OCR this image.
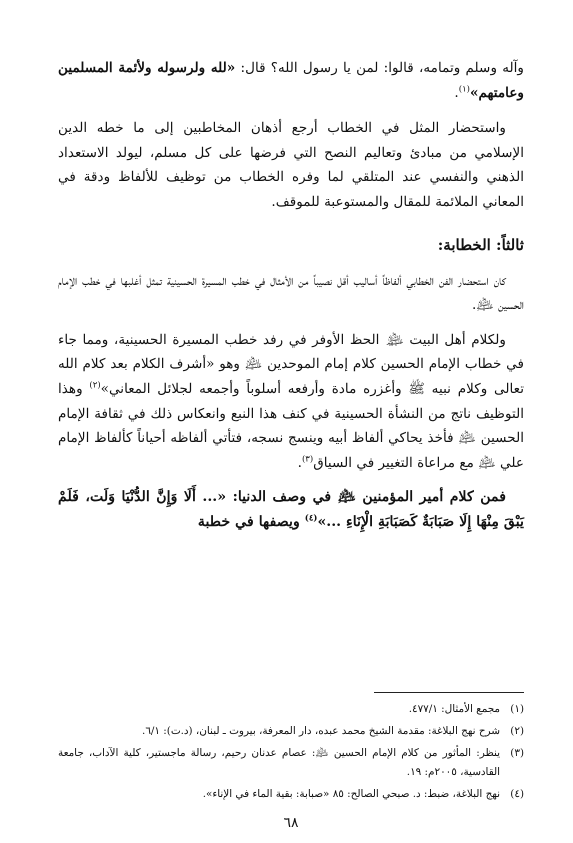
وآله وسلم وتمامه، قالوا: لمن يا رسول الله؟ قال: «لله ولرسوله ولأئمة المسلمين وعامتهم»$^{(١)}$.

واستحضار المثل في الخطاب أرجع أذهان المخاطبين إلى ما خطه الدين الإسلامي من مبادئ وتعاليم النصح التي فرضها على كل مسلم، ليولد الاستعداد الذهني والنفسي عند المتلقي لما وفره الخطاب من توظيف للألفاظ ودقة في المعاني الملائمة للمقال والمستوعبة للموقف.

ثالثاً: الخطابة:

كان استحضار الفن الخطابي ألفاظاً أساليب أقل نصيباً من الأمثال في خطب المسيرة الحسينية تمثل أغلبها في خطب الإمام الحسين ﵇.

ولكلام أهل البيت ﵈ الحظ الأوفر في رفد خطب المسيرة الحسينية، ومما جاء في خطاب الإمام الحسين كلام إمام الموحدين ﵇ وهو «أشرف الكلام بعد كلام الله تعالى وكلام نبيه ﷺ وأغزره مادة وأرفعه أسلوباً وأجمعه لجلائل المعاني»$^{(٢)}$ وهذا التوظيف ناتج من النشأة الحسينية في كنف هذا النبع وانعكاس ذلك في ثقافة الإمام الحسين ﵇ فأخذ يحاكي ألفاظ أبيه وينسج نسجه، فتأتي ألفاظه أحياناً كألفاظ الإمام علي ﵇ مع مراعاة التغيير في السياق$^{(٣)}$.

فمن كلام أمير المؤمنين ﵇ في وصف الدنيا: «... أَلَا وَإِنَّ الدُّنْيَا وَلَت، فَلَمْ يَبْقَ مِنْهَا إِلَا صَبَابَةٌ كَصَبَابَةِ الْإِنَاءِ ...»$^{(٤)}$ ويصفها في خطبة

(١)
مجمع الأمثال: ٤٧٧/١.
(٢)
شرح نهج البلاغة: مقدمة الشيخ محمد عبده، دار المعرفة، بيروت ـ لبنان، (د.ت): ٦/١.
(٣)
ينظر: المأثور من كلام الإمام الحسين ﵇: عصام عدنان رحيم، رسالة ماجستير، كلية الآداب، جامعة القادسية، ٢٠٠٥م: ١٩.
(٤)
نهج البلاغة، ضبط: د. صبحي الصالح: ٨٥ «صبابة: بقية الماء في الإناء».
٦٨
